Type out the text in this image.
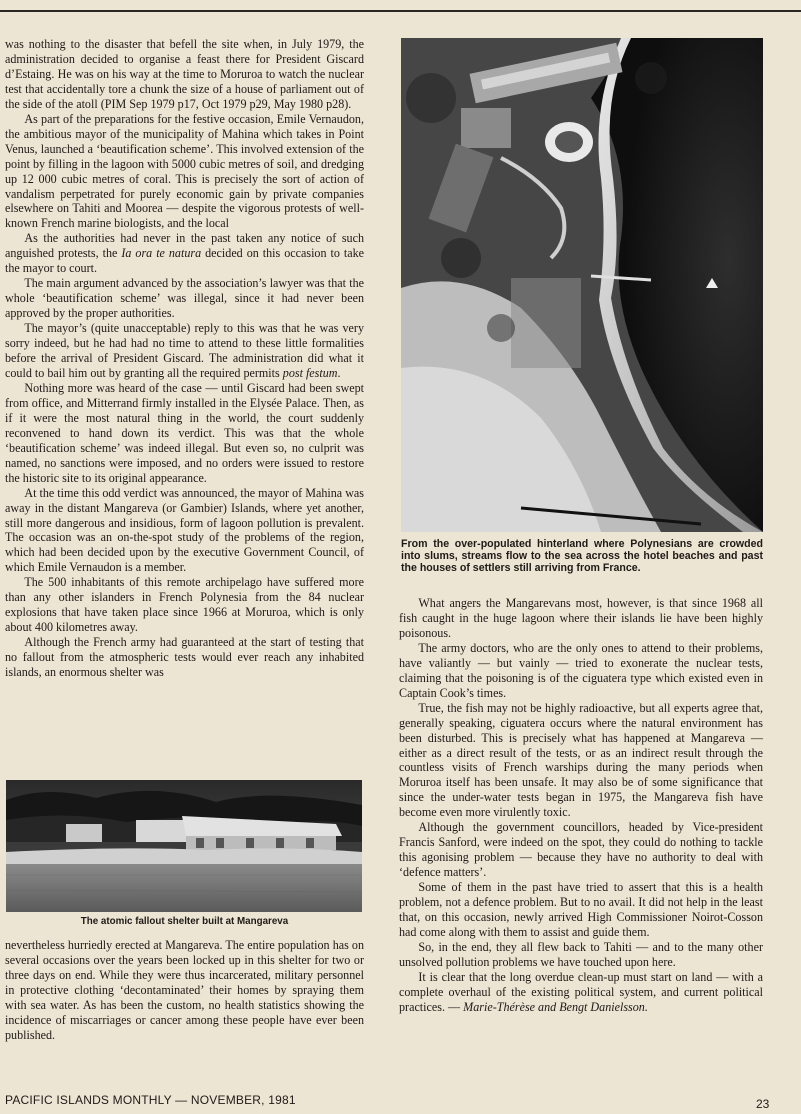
was nothing to the disaster that befell the site when, in July 1979, the administration decided to organise a feast there for President Giscard d’Estaing. He was on his way at the time to Moruroa to watch the nuclear test that accidentally tore a chunk the size of a house of parliament out of the side of the atoll (PIM Sep 1979 p17, Oct 1979 p29, May 1980 p28).

As part of the preparations for the festive occasion, Emile Vernaudon, the ambitious mayor of the municipality of Mahina which takes in Point Venus, launched a ‘beautification scheme’. This involved extension of the point by filling in the lagoon with 5000 cubic metres of soil, and dredging up 12 000 cubic metres of coral. This is precisely the sort of action of vandalism perpetrated for purely economic gain by private companies elsewhere on Tahiti and Moorea — despite the vigorous protests of well-known French marine biologists, and the local

As the authorities had never in the past taken any notice of such anguished protests, the Ia ora te natura decided on this occasion to take the mayor to court.

The main argument advanced by the association’s lawyer was that the whole ‘beautification scheme’ was illegal, since it had never been approved by the proper authorities.

The mayor’s (quite unacceptable) reply to this was that he was very sorry indeed, but he had had no time to attend to these little formalities before the arrival of President Giscard. The administration did what it could to bail him out by granting all the required permits post festum.

Nothing more was heard of the case — until Giscard had been swept from office, and Mitterrand firmly installed in the Elysée Palace. Then, as if it were the most natural thing in the world, the court suddenly reconvened to hand down its verdict. This was that the whole ‘beautification scheme’ was indeed illegal. But even so, no culprit was named, no sanctions were imposed, and no orders were issued to restore the historic site to its original appearance.

At the time this odd verdict was announced, the mayor of Mahina was away in the distant Mangareva (or Gambier) Islands, where yet another, still more dangerous and insidious, form of lagoon pollution is prevalent. The occasion was an on-the-spot study of the problems of the region, which had been decided upon by the executive Government Council, of which Emile Vernaudon is a member.

The 500 inhabitants of this remote archipelago have suffered more than any other islanders in French Polynesia from the 84 nuclear explosions that have taken place since 1966 at Moruroa, which is only about 400 kilometres away.

Although the French army had guaranteed at the start of testing that no fallout from the atmospheric tests would ever reach any inhabited islands, an enormous shelter was

The atomic fallout shelter built at Mangareva

nevertheless hurriedly erected at Mangareva. The entire population has on several occasions over the years been locked up in this shelter for two or three days on end. While they were thus incarcerated, military personnel in protective clothing ‘decontaminated’ their homes by spraying them with sea water. As has been the custom, no health statistics showing the incidence of miscarriages or cancer among these people have ever been published.

From the over-populated hinterland where Polynesians are crowded into slums, streams flow to the sea across the hotel beaches and past the houses of settlers still arriving from France.

What angers the Mangarevans most, however, is that since 1968 all fish caught in the huge lagoon where their islands lie have been highly poisonous.

The army doctors, who are the only ones to attend to their problems, have valiantly — but vainly — tried to exonerate the nuclear tests, claiming that the poisoning is of the ciguatera type which existed even in Captain Cook’s times.

True, the fish may not be highly radioactive, but all experts agree that, generally speaking, ciguatera occurs where the natural environment has been disturbed. This is precisely what has happened at Mangareva — either as a direct result of the tests, or as an indirect result through the countless visits of French warships during the many periods when Moruroa itself has been unsafe. It may also be of some significance that since the under-water tests began in 1975, the Mangareva fish have become even more virulently toxic.

Although the government councillors, headed by Vice-president Francis Sanford, were indeed on the spot, they could do nothing to tackle this agonising problem — because they have no authority to deal with ‘defence matters’.

Some of them in the past have tried to assert that this is a health problem, not a defence problem. But to no avail. It did not help in the least that, on this occasion, newly arrived High Commissioner Noirot-Cosson had come along with them to assist and guide them.

So, in the end, they all flew back to Tahiti — and to the many other unsolved pollution problems we have touched upon here.

It is clear that the long overdue clean-up must start on land — with a complete overhaul of the existing political system, and current political practices. — Marie-Thérèse and Bengt Danielsson.

PACIFIC ISLANDS MONTHLY — NOVEMBER, 1981	23
